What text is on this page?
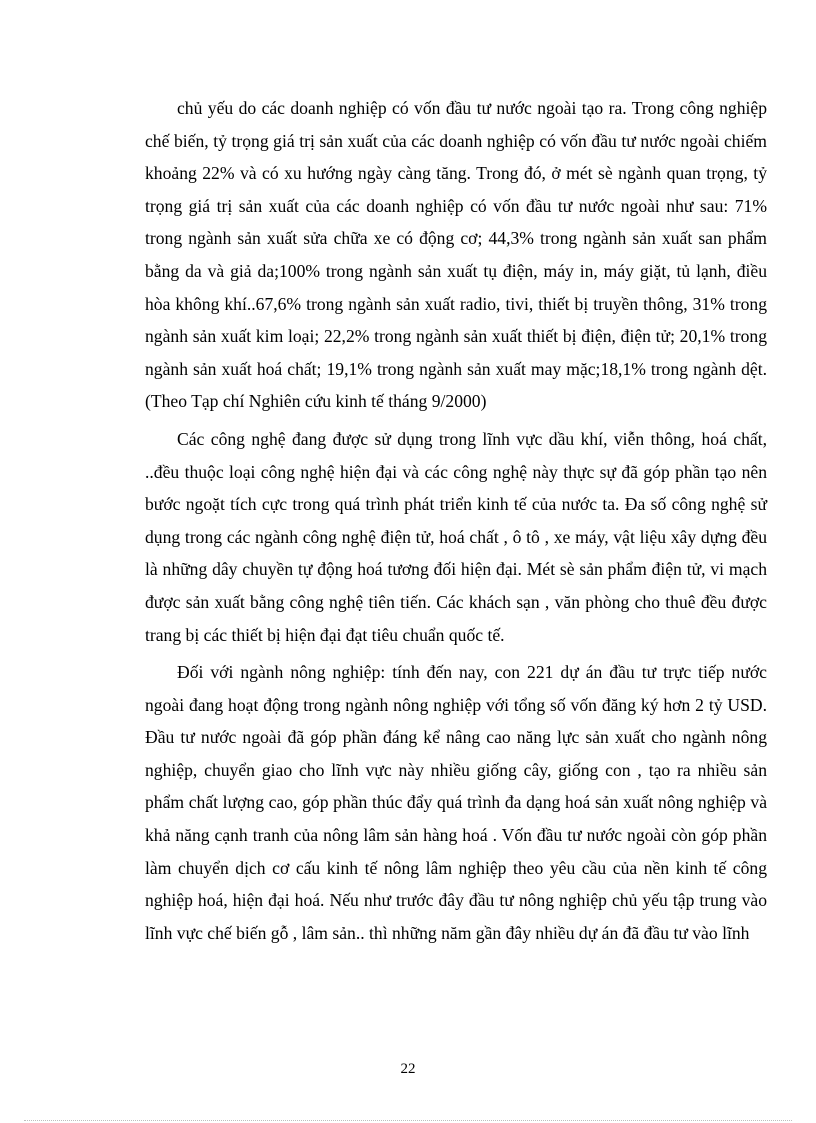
chủ yếu do các doanh nghiệp có vốn đầu tư nước ngoài tạo ra. Trong công nghiệp chế biến, tỷ trọng giá trị sản xuất của các doanh nghiệp có vốn đầu tư nước ngoài chiếm khoảng 22% và có xu hướng ngày càng tăng. Trong đó, ở mét sè ngành quan trọng, tỷ trọng giá trị sản xuất của các doanh nghiệp có vốn đầu tư nước ngoài như sau: 71% trong ngành sản xuất sửa chữa xe có động cơ; 44,3% trong ngành sản xuất san phẩm bằng da và giả da;100% trong ngành sản xuất tụ điện, máy in, máy giặt, tủ lạnh, điều hòa không khí..67,6% trong ngành sản xuất radio, tivi, thiết bị truyền thông, 31% trong ngành sản xuất kim loại; 22,2% trong ngành sản xuất thiết bị điện, điện tử; 20,1% trong ngành sản xuất hoá chất; 19,1% trong ngành sản xuất may mặc;18,1% trong ngành dệt. (Theo Tạp chí Nghiên cứu kinh tế tháng 9/2000)

Các công nghệ đang được sử dụng trong lĩnh vực dầu khí, viễn thông, hoá chất, ..đều thuộc loại công nghệ hiện đại và các công nghệ này thực sự đã góp phần tạo nên bước ngoặt tích cực trong quá trình phát triển kinh tế của nước ta. Đa số công nghệ sử dụng trong các ngành công nghệ điện tử, hoá chất , ô tô , xe máy, vật liệu xây dựng đều là những dây chuyền tự động hoá tương đối hiện đại. Mét sè sản phẩm điện tử, vi mạch được sản xuất bằng công nghệ tiên tiến. Các khách sạn , văn phòng cho thuê đều được trang bị các thiết bị hiện đại đạt tiêu chuẩn quốc tế.

Đối với ngành nông nghiệp: tính đến nay, con 221 dự án đầu tư trực tiếp nước ngoài đang hoạt động trong ngành nông nghiệp với tổng số vốn đăng ký hơn 2 tỷ USD. Đầu tư nước ngoài đã góp phần đáng kể nâng cao năng lực sản xuất cho ngành nông nghiệp, chuyển giao cho lĩnh vực này nhiều giống cây, giống con , tạo ra nhiều sản phẩm chất lượng cao, góp phần thúc đẩy quá trình đa dạng hoá sản xuất nông nghiệp và khả năng cạnh tranh của nông lâm sản hàng hoá . Vốn đầu tư nước ngoài còn góp phần làm chuyển dịch cơ cấu kinh tế nông lâm nghiệp theo yêu cầu của nền kinh tế công nghiệp hoá, hiện đại hoá. Nếu như trước đây đầu tư nông nghiệp chủ yếu tập trung vào lĩnh vực chế biến gỗ , lâm sản.. thì những năm gần đây nhiều dự án đã đầu tư vào lĩnh

22
